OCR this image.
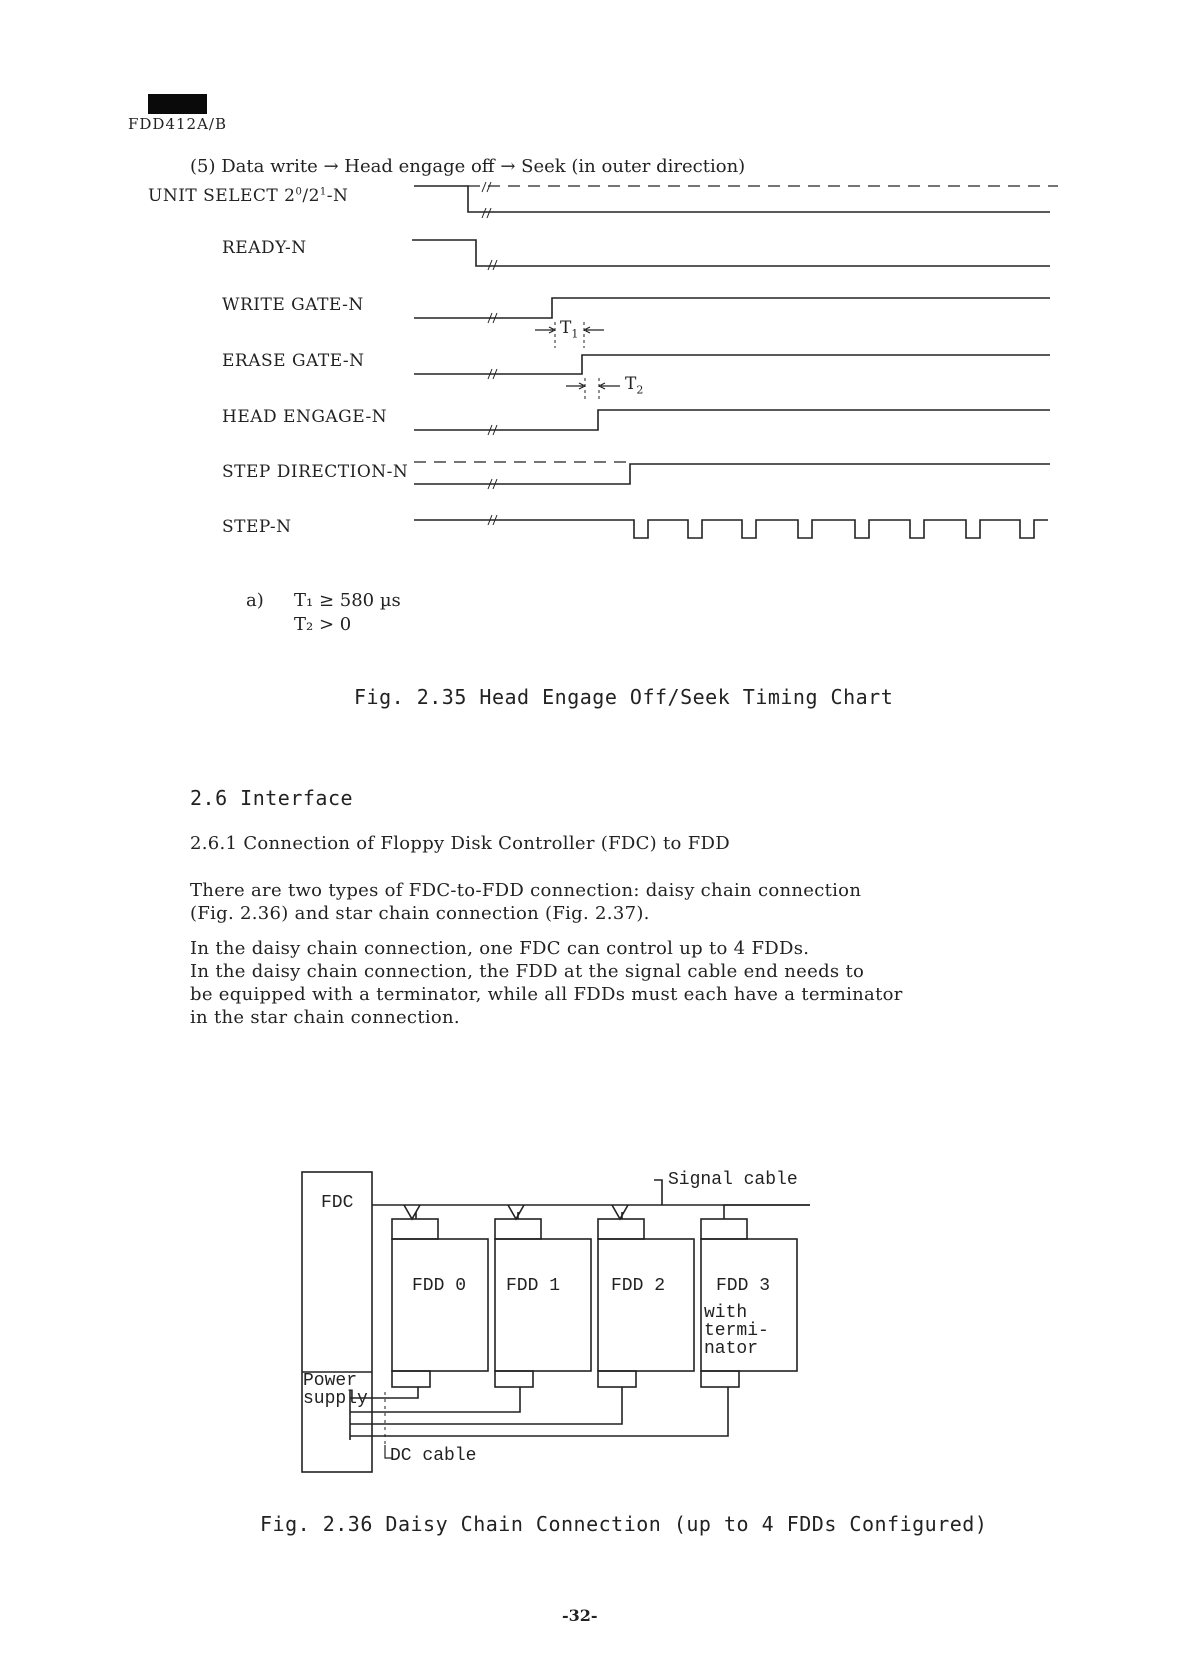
FDD412A/B
(5) Data write → Head engage off → Seek (in outer direction)
UNIT SELECT $2^0/2^1-N$
READY-N
WRITE GATE-N
ERASE GATE-N
HEAD ENGAGE-N
STEP DIRECTION-N
STEP-N
$T_1$
$T_2$
a) T₁ ≥ 580 µs
T₂ > 0
Fig. 2.35 Head Engage Off/Seek Timing Chart
2.6 Interface
2.6.1 Connection of Floppy Disk Controller (FDC) to FDD
There are two types of FDC-to-FDD connection: daisy chain connection
(Fig. 2.36) and star chain connection (Fig. 2.37).
In the daisy chain connection, one FDC can control up to 4 FDDs.
In the daisy chain connection, the FDD at the signal cable end needs to
be equipped with a terminator, while all FDDs must each have a terminator
in the star chain connection.
FDC
Power
supply
Signal cable
FDD 0 FDD 1	FDD 2	FDD 3
with
termi-
nator
DC cable
Fig. 2.36 Daisy Chain Connection (up to 4 FDDs Configured)
-32-
